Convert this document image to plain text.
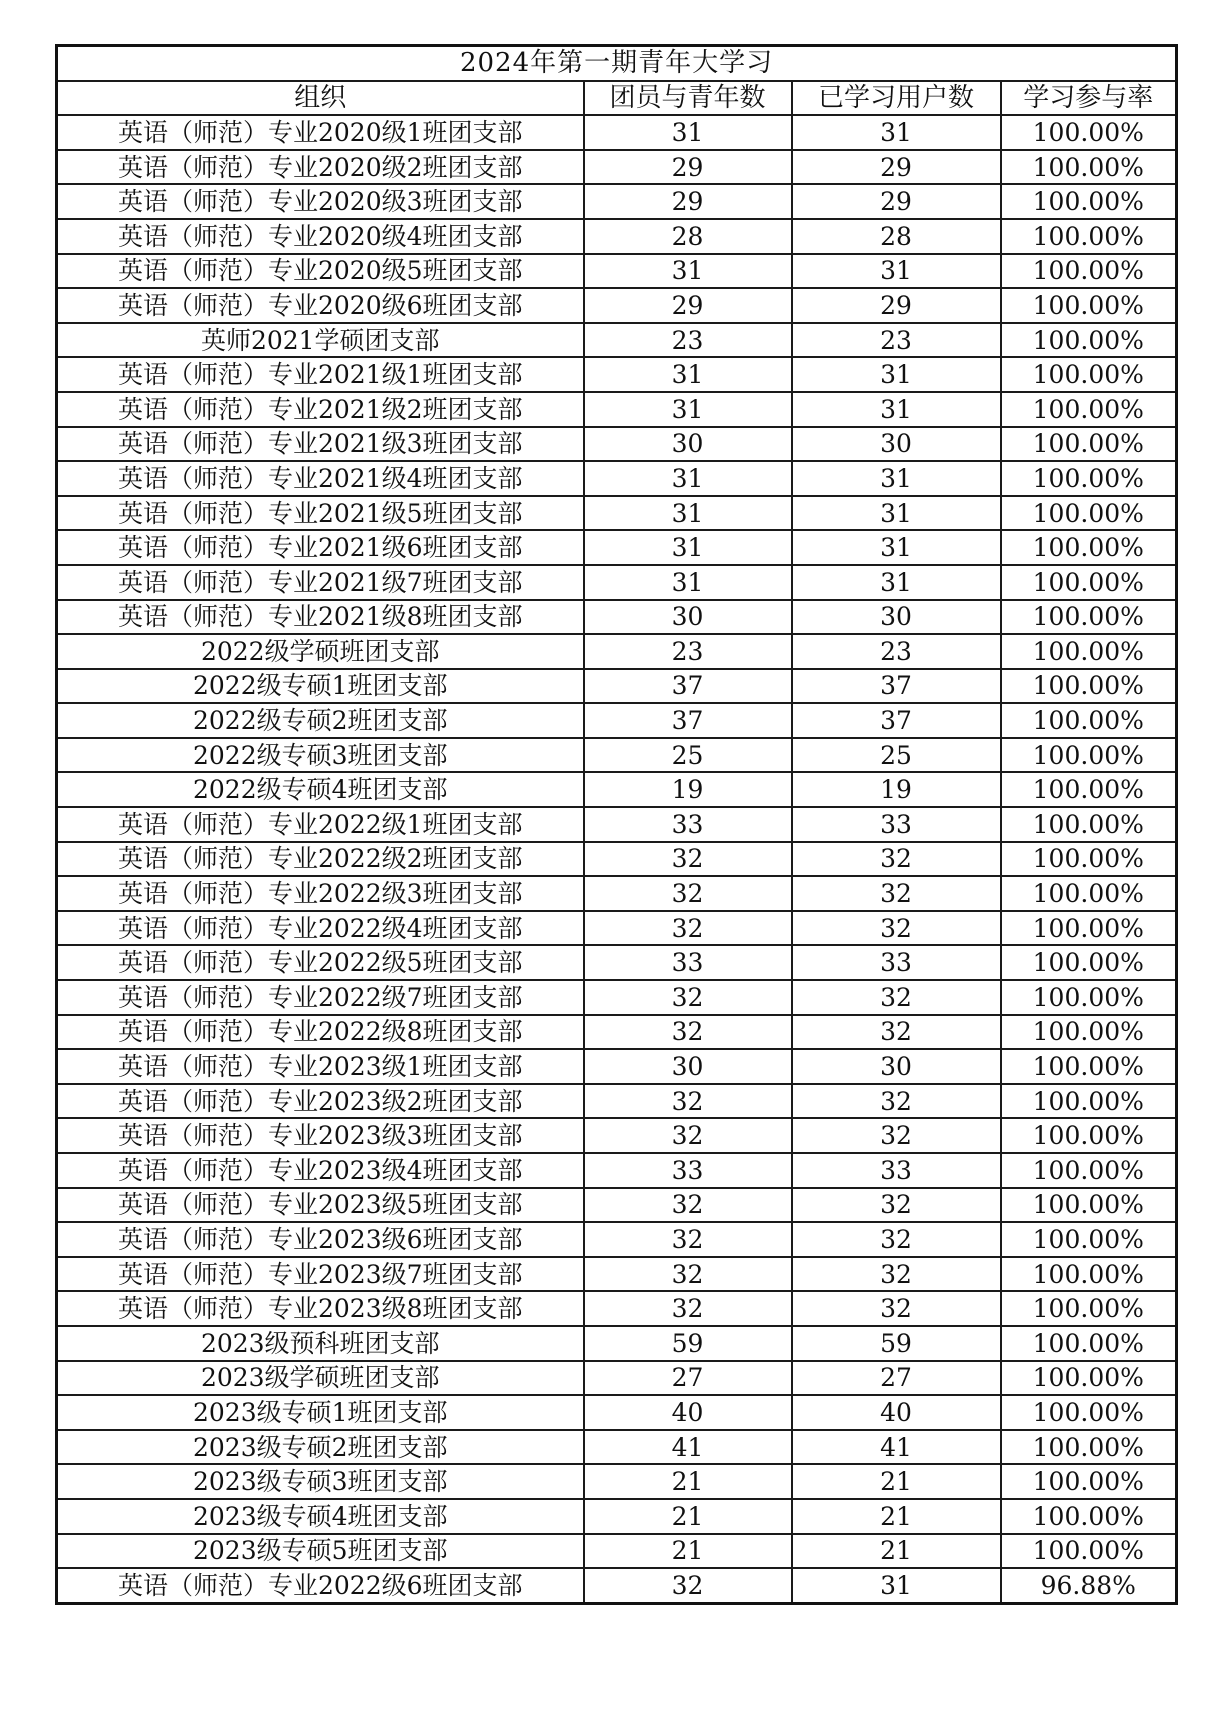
2024年第一期青年大学习			
组织	团员与青年数	已学习用户数	学习参与率
英语（师范）专业2020级1班团支部	31	31	100.00%
英语（师范）专业2020级2班团支部	29	29	100.00%
英语（师范）专业2020级3班团支部	29	29	100.00%
英语（师范）专业2020级4班团支部	28	28	100.00%
英语（师范）专业2020级5班团支部	31	31	100.00%
英语（师范）专业2020级6班团支部	29	29	100.00%
英师2021学硕团支部	23	23	100.00%
英语（师范）专业2021级1班团支部	31	31	100.00%
英语（师范）专业2021级2班团支部	31	31	100.00%
英语（师范）专业2021级3班团支部	30	30	100.00%
英语（师范）专业2021级4班团支部	31	31	100.00%
英语（师范）专业2021级5班团支部	31	31	100.00%
英语（师范）专业2021级6班团支部	31	31	100.00%
英语（师范）专业2021级7班团支部	31	31	100.00%
英语（师范）专业2021级8班团支部	30	30	100.00%
2022级学硕班团支部	23	23	100.00%
2022级专硕1班团支部	37	37	100.00%
2022级专硕2班团支部	37	37	100.00%
2022级专硕3班团支部	25	25	100.00%
2022级专硕4班团支部	19	19	100.00%
英语（师范）专业2022级1班团支部	33	33	100.00%
英语（师范）专业2022级2班团支部	32	32	100.00%
英语（师范）专业2022级3班团支部	32	32	100.00%
英语（师范）专业2022级4班团支部	32	32	100.00%
英语（师范）专业2022级5班团支部	33	33	100.00%
英语（师范）专业2022级7班团支部	32	32	100.00%
英语（师范）专业2022级8班团支部	32	32	100.00%
英语（师范）专业2023级1班团支部	30	30	100.00%
英语（师范）专业2023级2班团支部	32	32	100.00%
英语（师范）专业2023级3班团支部	32	32	100.00%
英语（师范）专业2023级4班团支部	33	33	100.00%
英语（师范）专业2023级5班团支部	32	32	100.00%
英语（师范）专业2023级6班团支部	32	32	100.00%
英语（师范）专业2023级7班团支部	32	32	100.00%
英语（师范）专业2023级8班团支部	32	32	100.00%
2023级预科班团支部	59	59	100.00%
2023级学硕班团支部	27	27	100.00%
2023级专硕1班团支部	40	40	100.00%
2023级专硕2班团支部	41	41	100.00%
2023级专硕3班团支部	21	21	100.00%
2023级专硕4班团支部	21	21	100.00%
2023级专硕5班团支部	21	21	100.00%
英语（师范）专业2022级6班团支部	32	31	96.88%
